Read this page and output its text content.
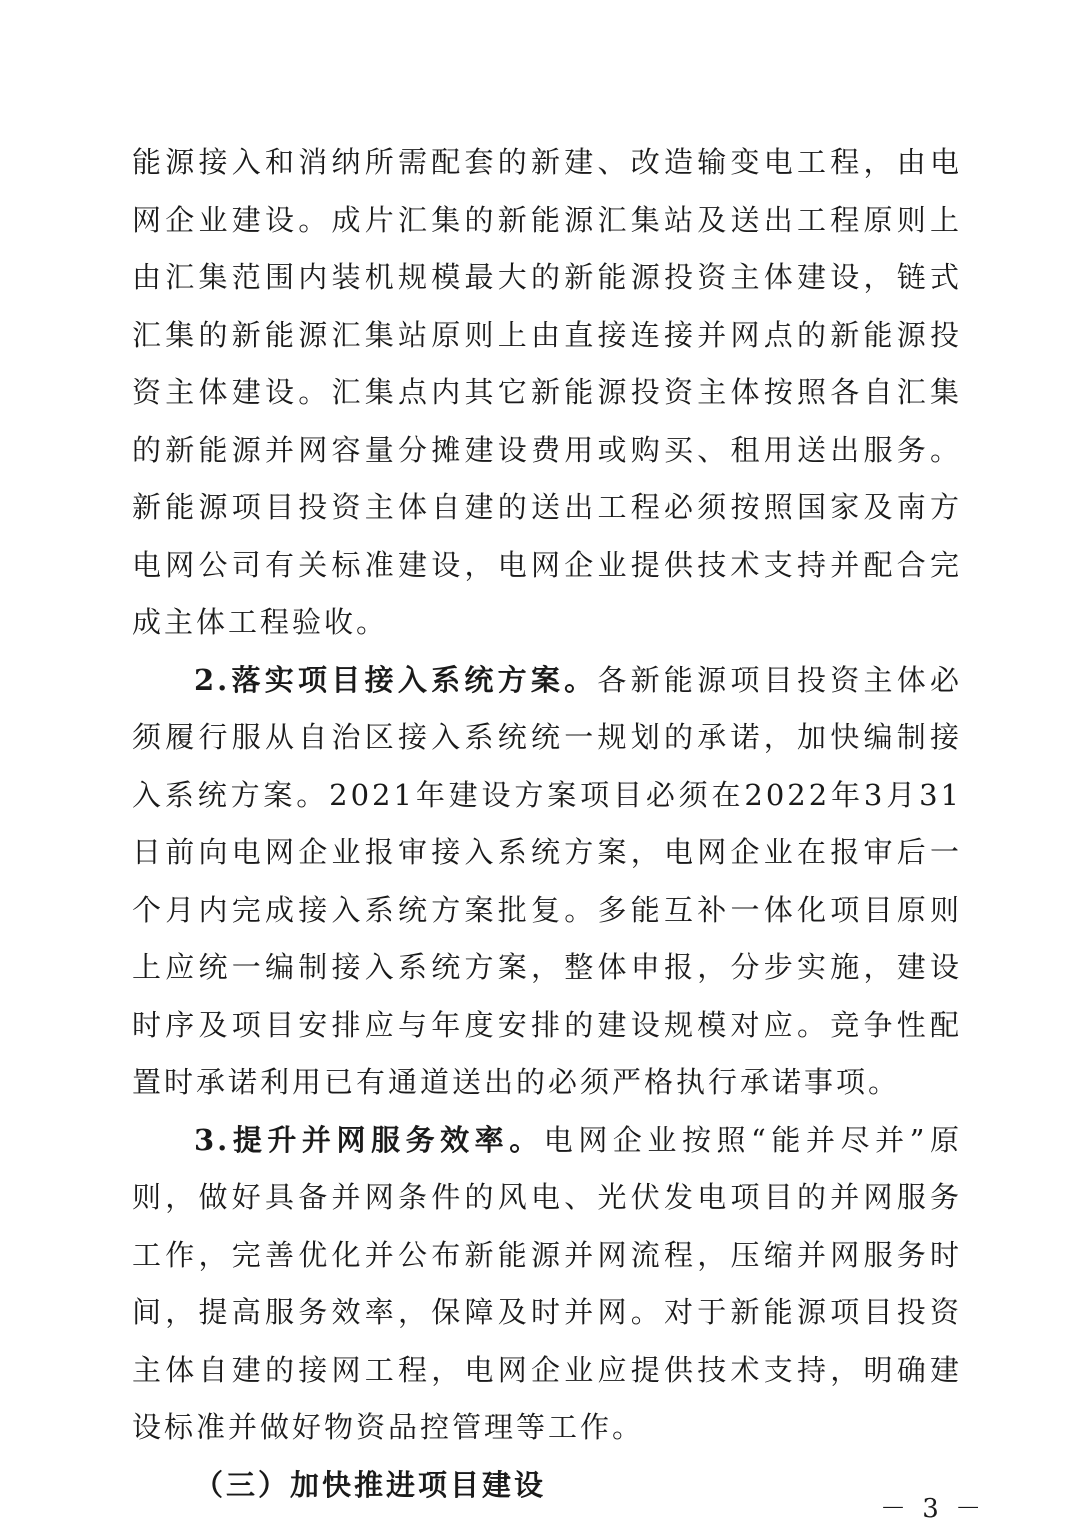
能源接入和消纳所需配套的新建、改造输变电工程，由电网企业建设。成片汇集的新能源汇集站及送出工程原则上由汇集范围内装机规模最大的新能源投资主体建设，链式汇集的新能源汇集站原则上由直接连接并网点的新能源投资主体建设。汇集点内其它新能源投资主体按照各自汇集的新能源并网容量分摊建设费用或购买、租用送出服务。新能源项目投资主体自建的送出工程必须按照国家及南方电网公司有关标准建设，电网企业提供技术支持并配合完成主体工程验收。

2.落实项目接入系统方案。各新能源项目投资主体必须履行服从自治区接入系统统一规划的承诺，加快编制接入系统方案。2021年建设方案项目必须在2022年3月31日前向电网企业报审接入系统方案，电网企业在报审后一个月内完成接入系统方案批复。多能互补一体化项目原则上应统一编制接入系统方案，整体申报，分步实施，建设时序及项目安排应与年度安排的建设规模对应。竞争性配置时承诺利用已有通道送出的必须严格执行承诺事项。

3.提升并网服务效率。电网企业按照“能并尽并”原则，做好具备并网条件的风电、光伏发电项目的并网服务工作，完善优化并公布新能源并网流程，压缩并网服务时间，提高服务效率，保障及时并网。对于新能源项目投资主体自建的接网工程，电网企业应提供技术支持，明确建设标准并做好物资品控管理等工作。

（三）加快推进项目建设

－ 3 －
